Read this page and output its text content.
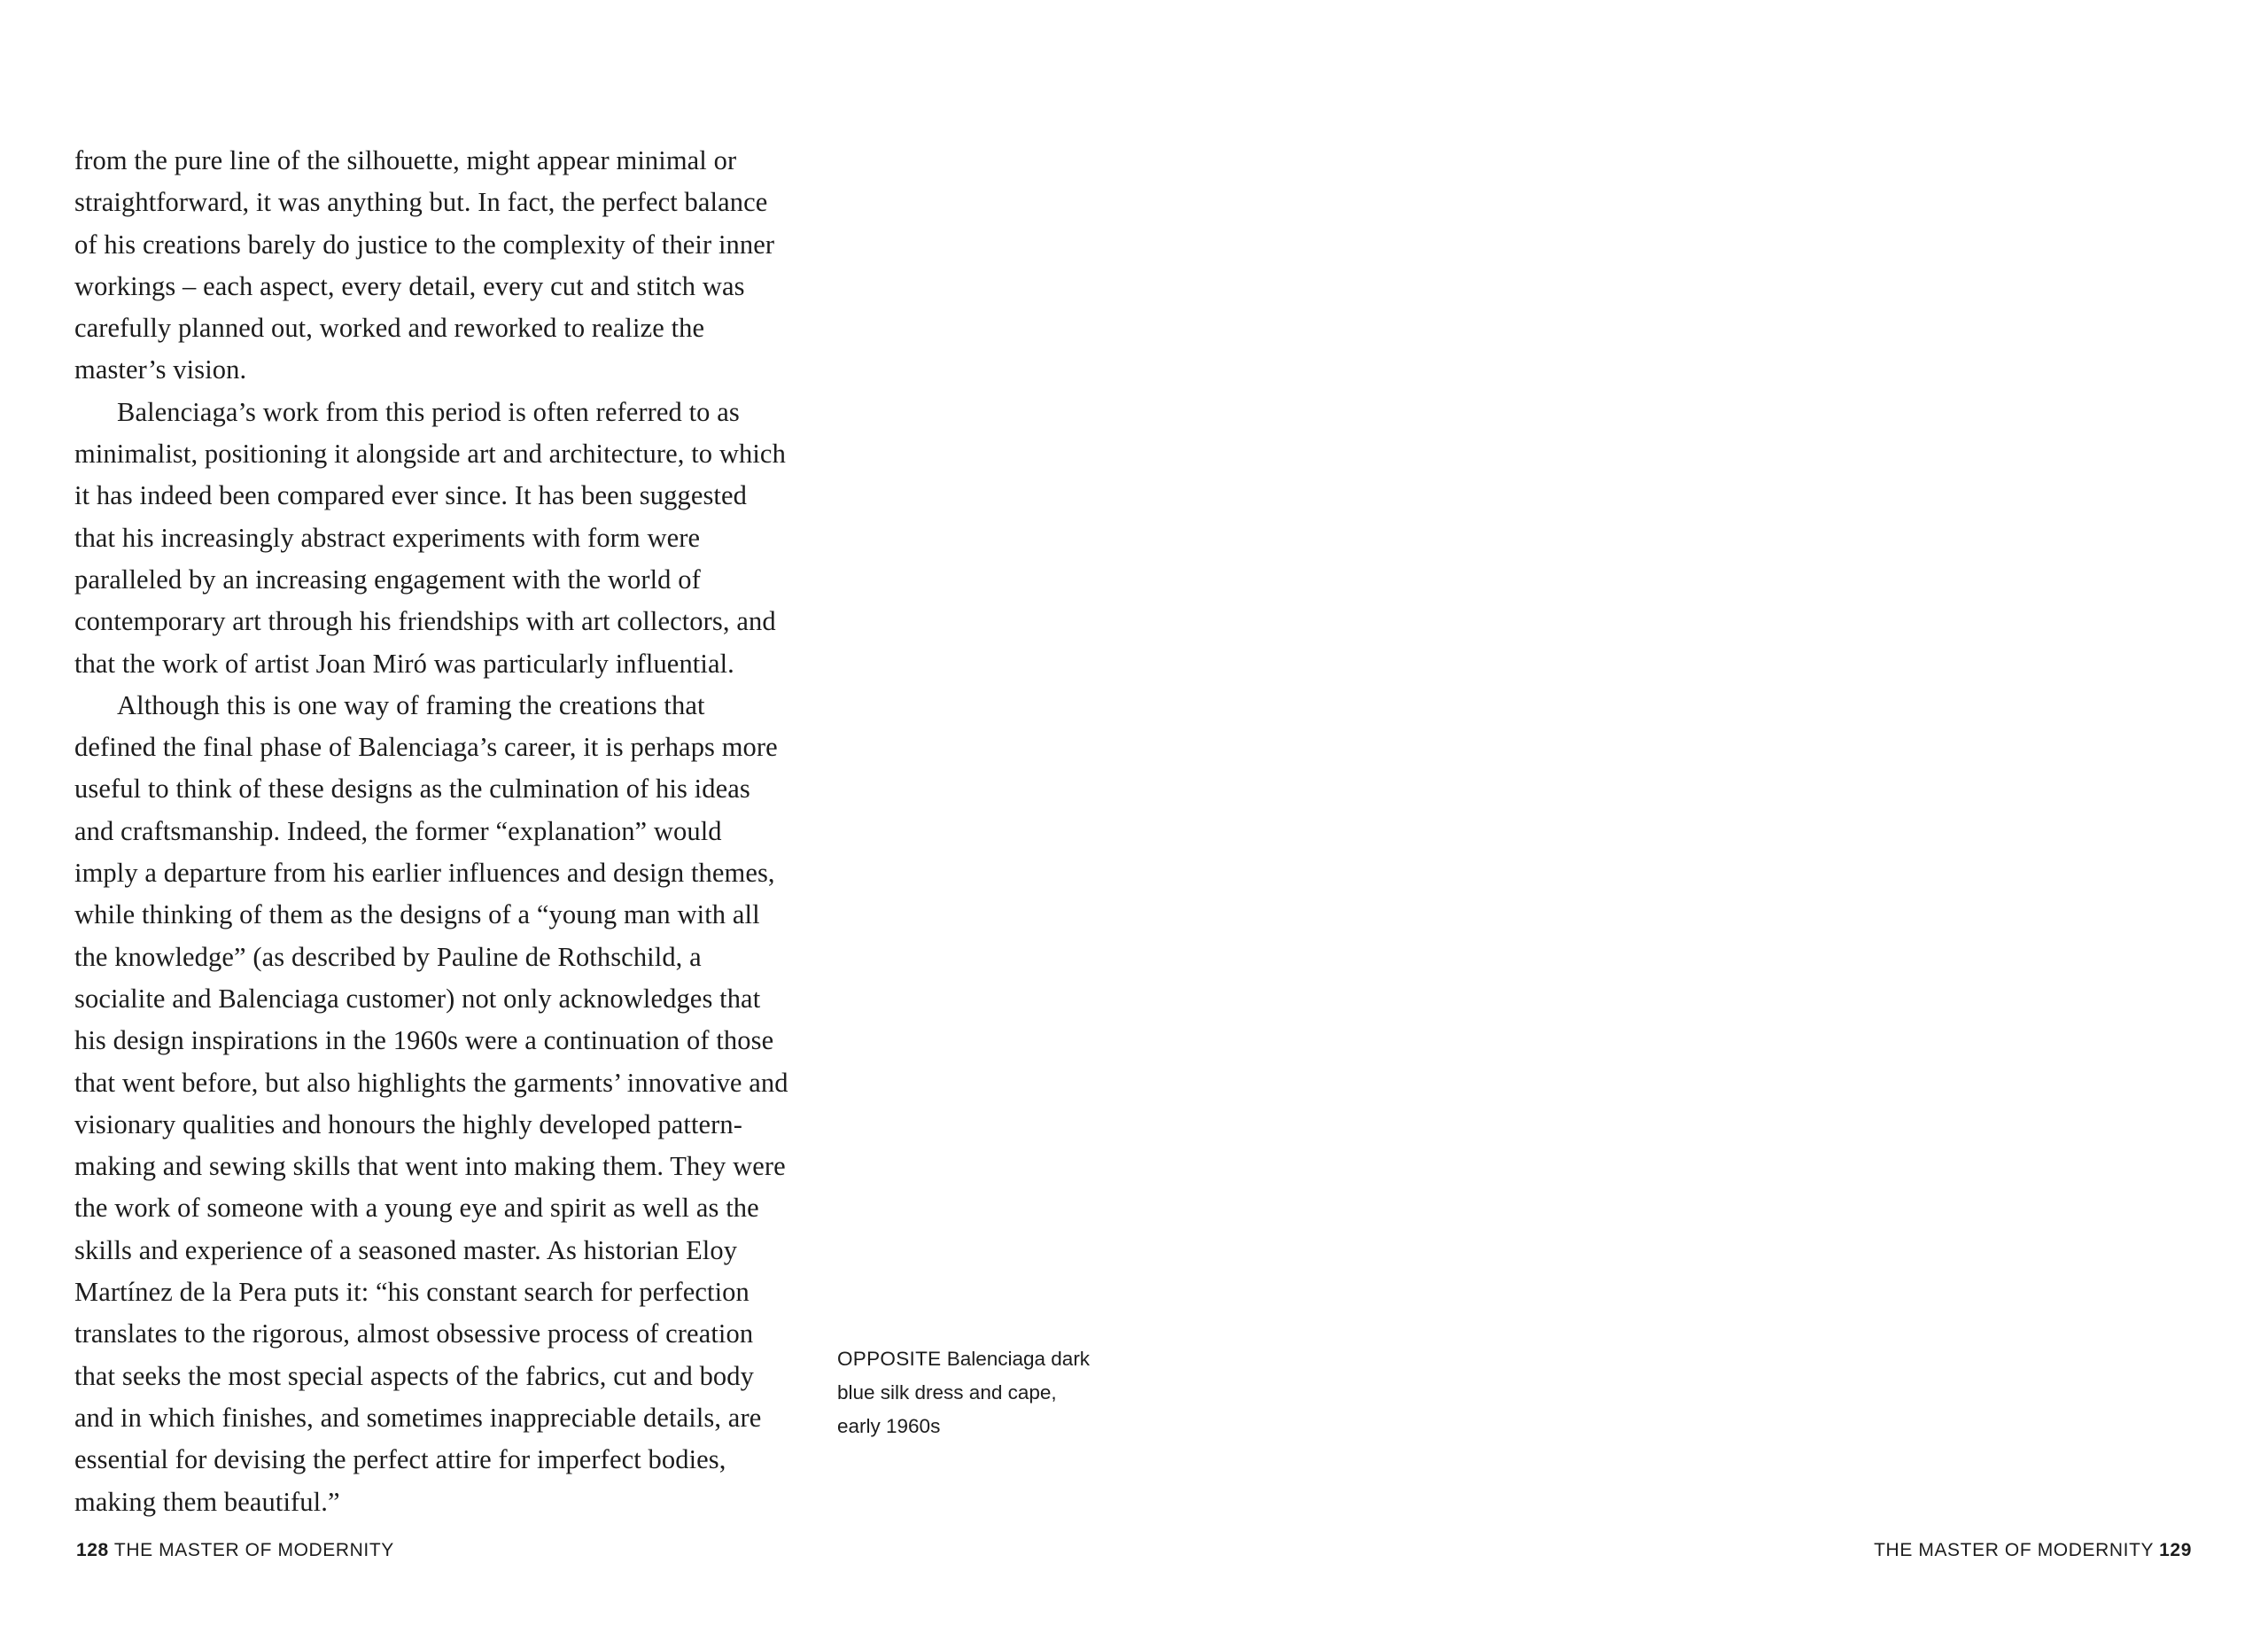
from the pure line of the silhouette, might appear minimal or straightforward, it was anything but. In fact, the perfect balance of his creations barely do justice to the complexity of their inner workings – each aspect, every detail, every cut and stitch was carefully planned out, worked and reworked to realize the master’s vision.

Balenciaga’s work from this period is often referred to as minimalist, positioning it alongside art and architecture, to which it has indeed been compared ever since. It has been suggested that his increasingly abstract experiments with form were paralleled by an increasing engagement with the world of contemporary art through his friendships with art collectors, and that the work of artist Joan Miró was particularly influential.

Although this is one way of framing the creations that defined the final phase of Balenciaga’s career, it is perhaps more useful to think of these designs as the culmination of his ideas and craftsmanship. Indeed, the former “explanation” would imply a departure from his earlier influences and design themes, while thinking of them as the designs of a “young man with all the knowledge” (as described by Pauline de Rothschild, a socialite and Balenciaga customer) not only acknowledges that his design inspirations in the 1960s were a continuation of those that went before, but also highlights the garments’ innovative and visionary qualities and honours the highly developed pattern-making and sewing skills that went into making them. They were the work of someone with a young eye and spirit as well as the skills and experience of a seasoned master. As historian Eloy Martínez de la Pera puts it: “his constant search for perfection translates to the rigorous, almost obsessive process of creation that seeks the most special aspects of the fabrics, cut and body and in which finishes, and sometimes inappreciable details, are essential for devising the perfect attire for imperfect bodies, making them beautiful.”

128 THE MASTER OF MODERNITY
OPPOSITE Balenciaga dark blue silk dress and cape, early 1960s
THE MASTER OF MODERNITY 129
